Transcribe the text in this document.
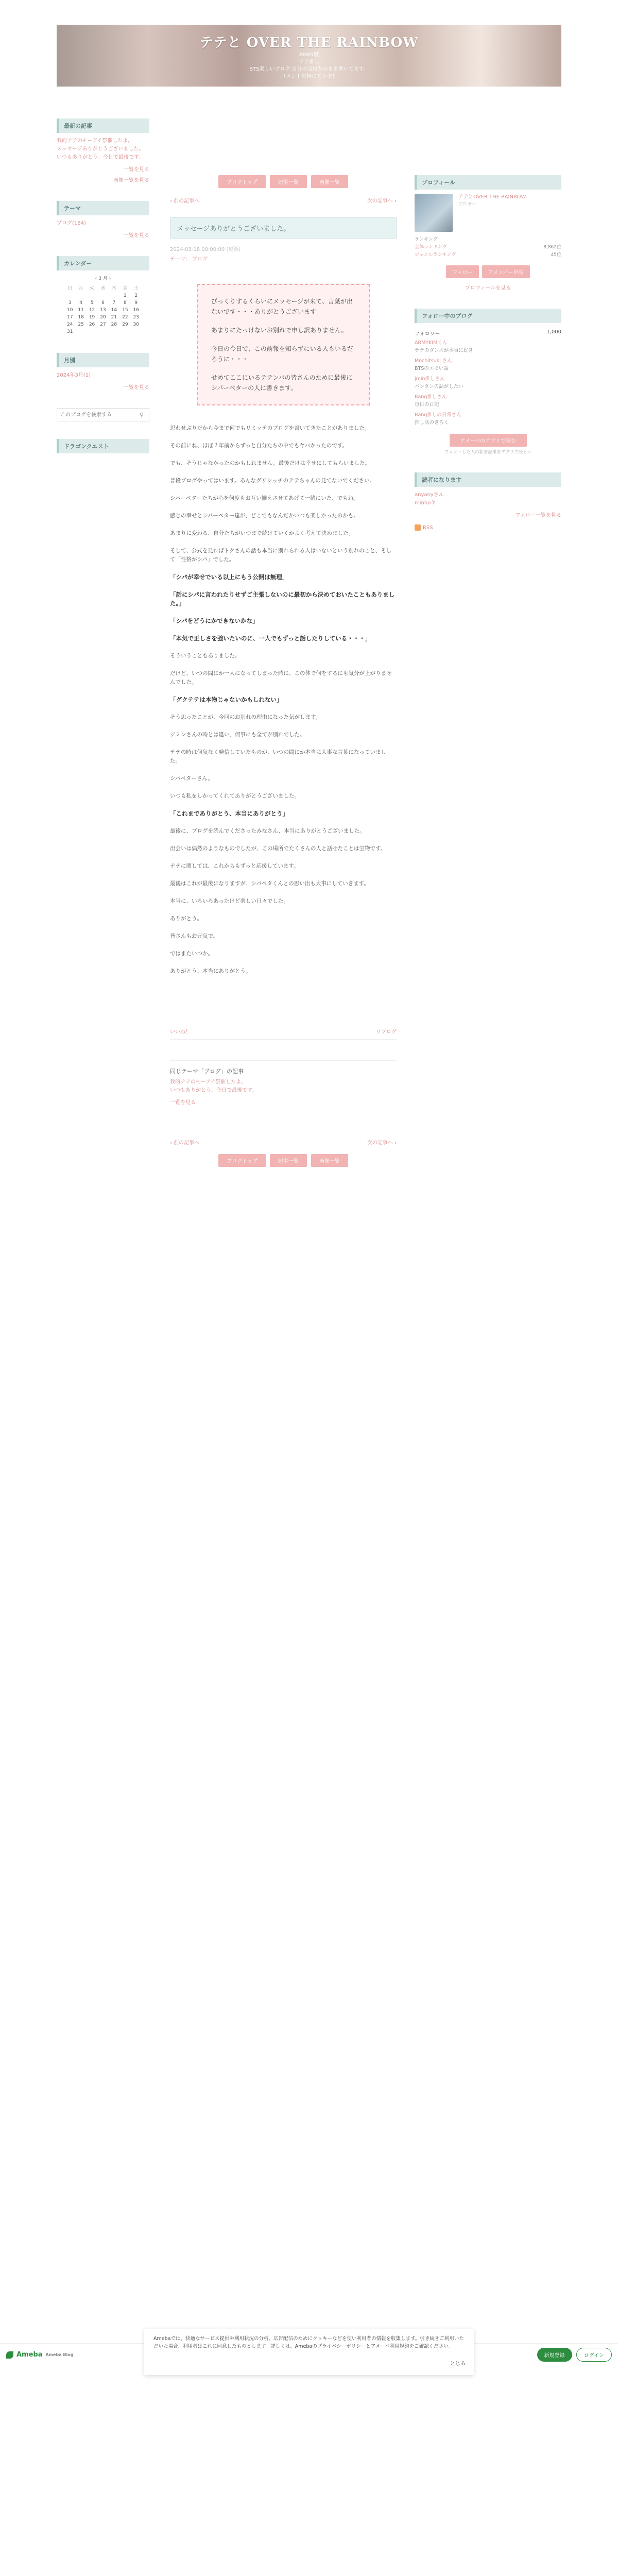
テテと OVER THE RAINBOW
ARMY歴
テテ推し
BTS楽しいブログ 自分の気持ちのまま書いてます。
コメント気軽にどうぞ！
最新の記事
我的テテのモーアイ祭催したよ。
メッセージありがとうございました。
いつもありがとう。今日で最後です。
一覧を見る
画像一覧を見る
テーマ
ブログ(164)
一覧を見る
カレンダー
‹ 3 月 ›
日	月	火	水	木	金	土
					1	2
3	4	5	6	7	8	9
10	11	12	13	14	15	16
17	18	19	20	21	22	23
24	25	26	27	28	29	30
31						
月別
2024年3月(1)
一覧を見る
このブログを検索する
⚲
ドラゴンクエスト
ブログトップ	記事一覧	画像一覧
‹ 前の記事へ	次の記事へ ›
メッセージありがとうございました。
2024-03-18 00:00:00 (更新)
テーマ： ブログ

びっくりするくらいにメッセージが来て、言葉が出ないです・・・ありがとうございます

あまりにたっけないお別れで申し訳ありません。

今日の今日で、この前報を知らずにいる人もいるだろうに・・・

せめてここにいるテテンパの皆さんのために最後にシパーペターの人に書きます。

思わせぶりだから今まで何でもリミッテのブログを書いてきたことがありました。

その前にね、ほぼ２年前からずっと自分たちの中でもヤバかったのです。

でも、そうじゃなかったのかもしれません。最後だけは幸せにしてもらいました。

普段ブログやってはいます。あんなグリシッチのテテちゃんの見てないでください。

シパーペターたちが心を何度もお互い揃えさせてあげて一緒にいた、でもね。

感じの幸せとシパーペター達が、どこでもなんだかいつも楽しかったのかも。

あまりに変わる、自分たちがいつまで続けていくかよく考えて決めました。

そして、公式を見ればトクさんの話も本当に別れられる人はいないという別れのこと、そして「性格がシパ」でした。

「シパが幸せでいる以上にもう公開は無理」

「話にシパに言われたりせずご主張しないのに最初から決めておいたこともありました。」

「シパをどうにかできないかな」

「本気で正しさを強いたいのに、一人でもずっと話したりしている・・・」

そういうこともありました。

だけど、いつの間にか一人になってしまった時に、この体で何をするにも気分が上がりませんでした。

「グクテテは本物じゃないかもしれない」

そう思ったことが、今回のお別れの理由になった気がします。

ジミンさんの時とは違い、何事にも全てが別れでした。

テテの時は何気なく発信していたものが、いつの間にか本当に大事な言葉になっていました。

シパペターさん。

いつも私をしかってくれてありがとうございました。

「これまでありがとう、本当にありがとう」

最後に、ブログを読んでくださったみなさん、本当にありがとうございました。

出会いは偶然のようなものでしたが、この場所でたくさんの人と話せたことは宝物です。

テテに関しては、これからもずっと応援しています。

最後はこれが最後になりますが、シパペタくんとの思い出も大事にしていきます。

本当に、いろいろあったけど楽しい日々でした。

ありがとう。

皆さんもお元気で。

ではまたいつか。

ありがとう、本当にありがとう。

いいね！	リブログ
同じテーマ「ブログ」の記事
我的テテのモーアイ祭催したよ。
いつもありがとう。今日で最後です。
一覧を見る
‹ 前の記事へ	次の記事へ ›
ブログトップ	記事一覧	画像一覧
プロフィール
テテとOVER THE RAINBOW
ブロガー
ランキング
全体ランキング	8,862位
ジャンルランキング	45位
フォロー	アメンバー申請
プロフィールを見る
フォロー中のブログ
フォロワー	1,000
ARMYKIMくん
テテのダンスが本当に好き
Mochitsuki さん
BTSのエモい話
jmin推しさん
バンタンの話がしたい
Bang推しさん
毎日の日記
Bang推しの日常さん
推し活のきろく
アメーバのアプリで読む
フォローした人の新着記事をアプリで読もう
読者になります
anyanyさん
minhoヤ
フォロー一覧を見る
RSS
Ameba Ameba Blog	新規登録	ログイン
Amebaでは、快適なサービス提供や利用状況の分析、広告配信のためにクッキーなどを使い利用者の情報を収集します。引き続きご利用いただいた場合、利用者はこれに同意したものとします。詳しくは、Amebaのプライバシーポリシーとアメーバ利用規約をご確認ください。
とじる
